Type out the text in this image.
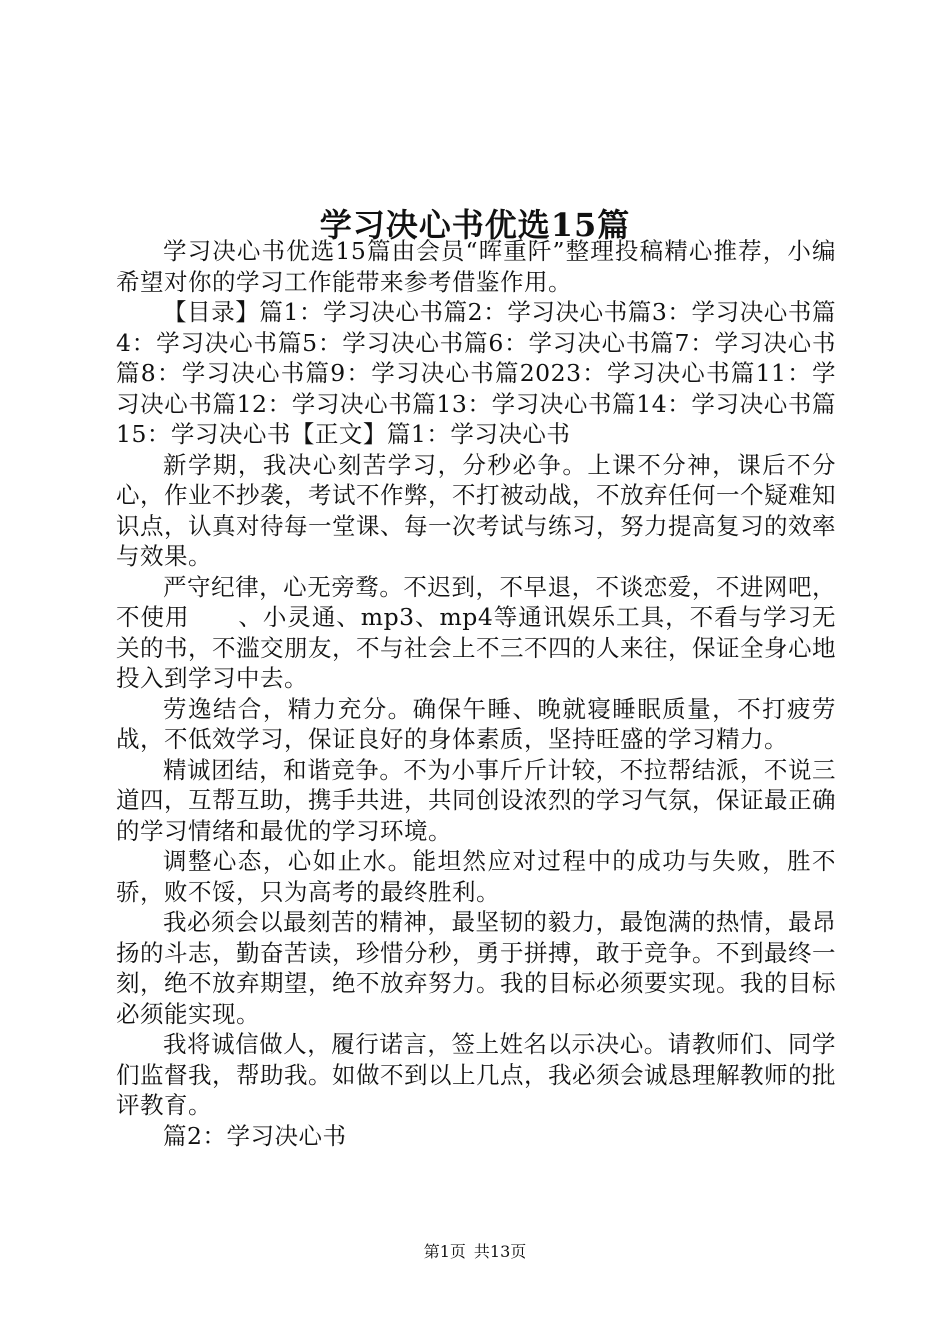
学习决心书优选15篇

学习决心书优选15篇由会员“晖重阡”整理投稿精心推荐，小编希望对你的学习工作能带来参考借鉴作用。

【目录】篇1：学习决心书篇2：学习决心书篇3：学习决心书篇4：学习决心书篇5：学习决心书篇6：学习决心书篇7：学习决心书篇8：学习决心书篇9：学习决心书篇2023：学习决心书篇11：学习决心书篇12：学习决心书篇13：学习决心书篇14：学习决心书篇15：学习决心书【正文】篇1：学习决心书

新学期，我决心刻苦学习，分秒必争。上课不分神，课后不分心，作业不抄袭，考试不作弊，不打被动战，不放弃任何一个疑难知识点，认真对待每一堂课、每一次考试与练习，努力提高复习的效率与效果。

严守纪律，心无旁骛。不迟到，不早退，不谈恋爱，不进网吧，不使用　　、小灵通、mp3、mp4等通讯娱乐工具，不看与学习无关的书，不滥交朋友，不与社会上不三不四的人来往，保证全身心地投入到学习中去。

劳逸结合，精力充分。确保午睡、晚就寝睡眠质量，不打疲劳战，不低效学习，保证良好的身体素质，坚持旺盛的学习精力。

精诚团结，和谐竞争。不为小事斤斤计较，不拉帮结派，不说三道四，互帮互助，携手共进，共同创设浓烈的学习气氛，保证最正确的学习情绪和最优的学习环境。

调整心态，心如止水。能坦然应对过程中的成功与失败，胜不骄，败不馁，只为高考的最终胜利。

我必须会以最刻苦的精神，最坚韧的毅力，最饱满的热情，最昂扬的斗志，勤奋苦读，珍惜分秒，勇于拼搏，敢于竞争。不到最终一刻，绝不放弃期望，绝不放弃努力。我的目标必须要实现。我的目标必须能实现。

我将诚信做人，履行诺言，签上姓名以示决心。请教师们、同学们监督我，帮助我。如做不到以上几点，我必须会诚恳理解教师的批评教育。

篇2：学习决心书

第1页 共13页
